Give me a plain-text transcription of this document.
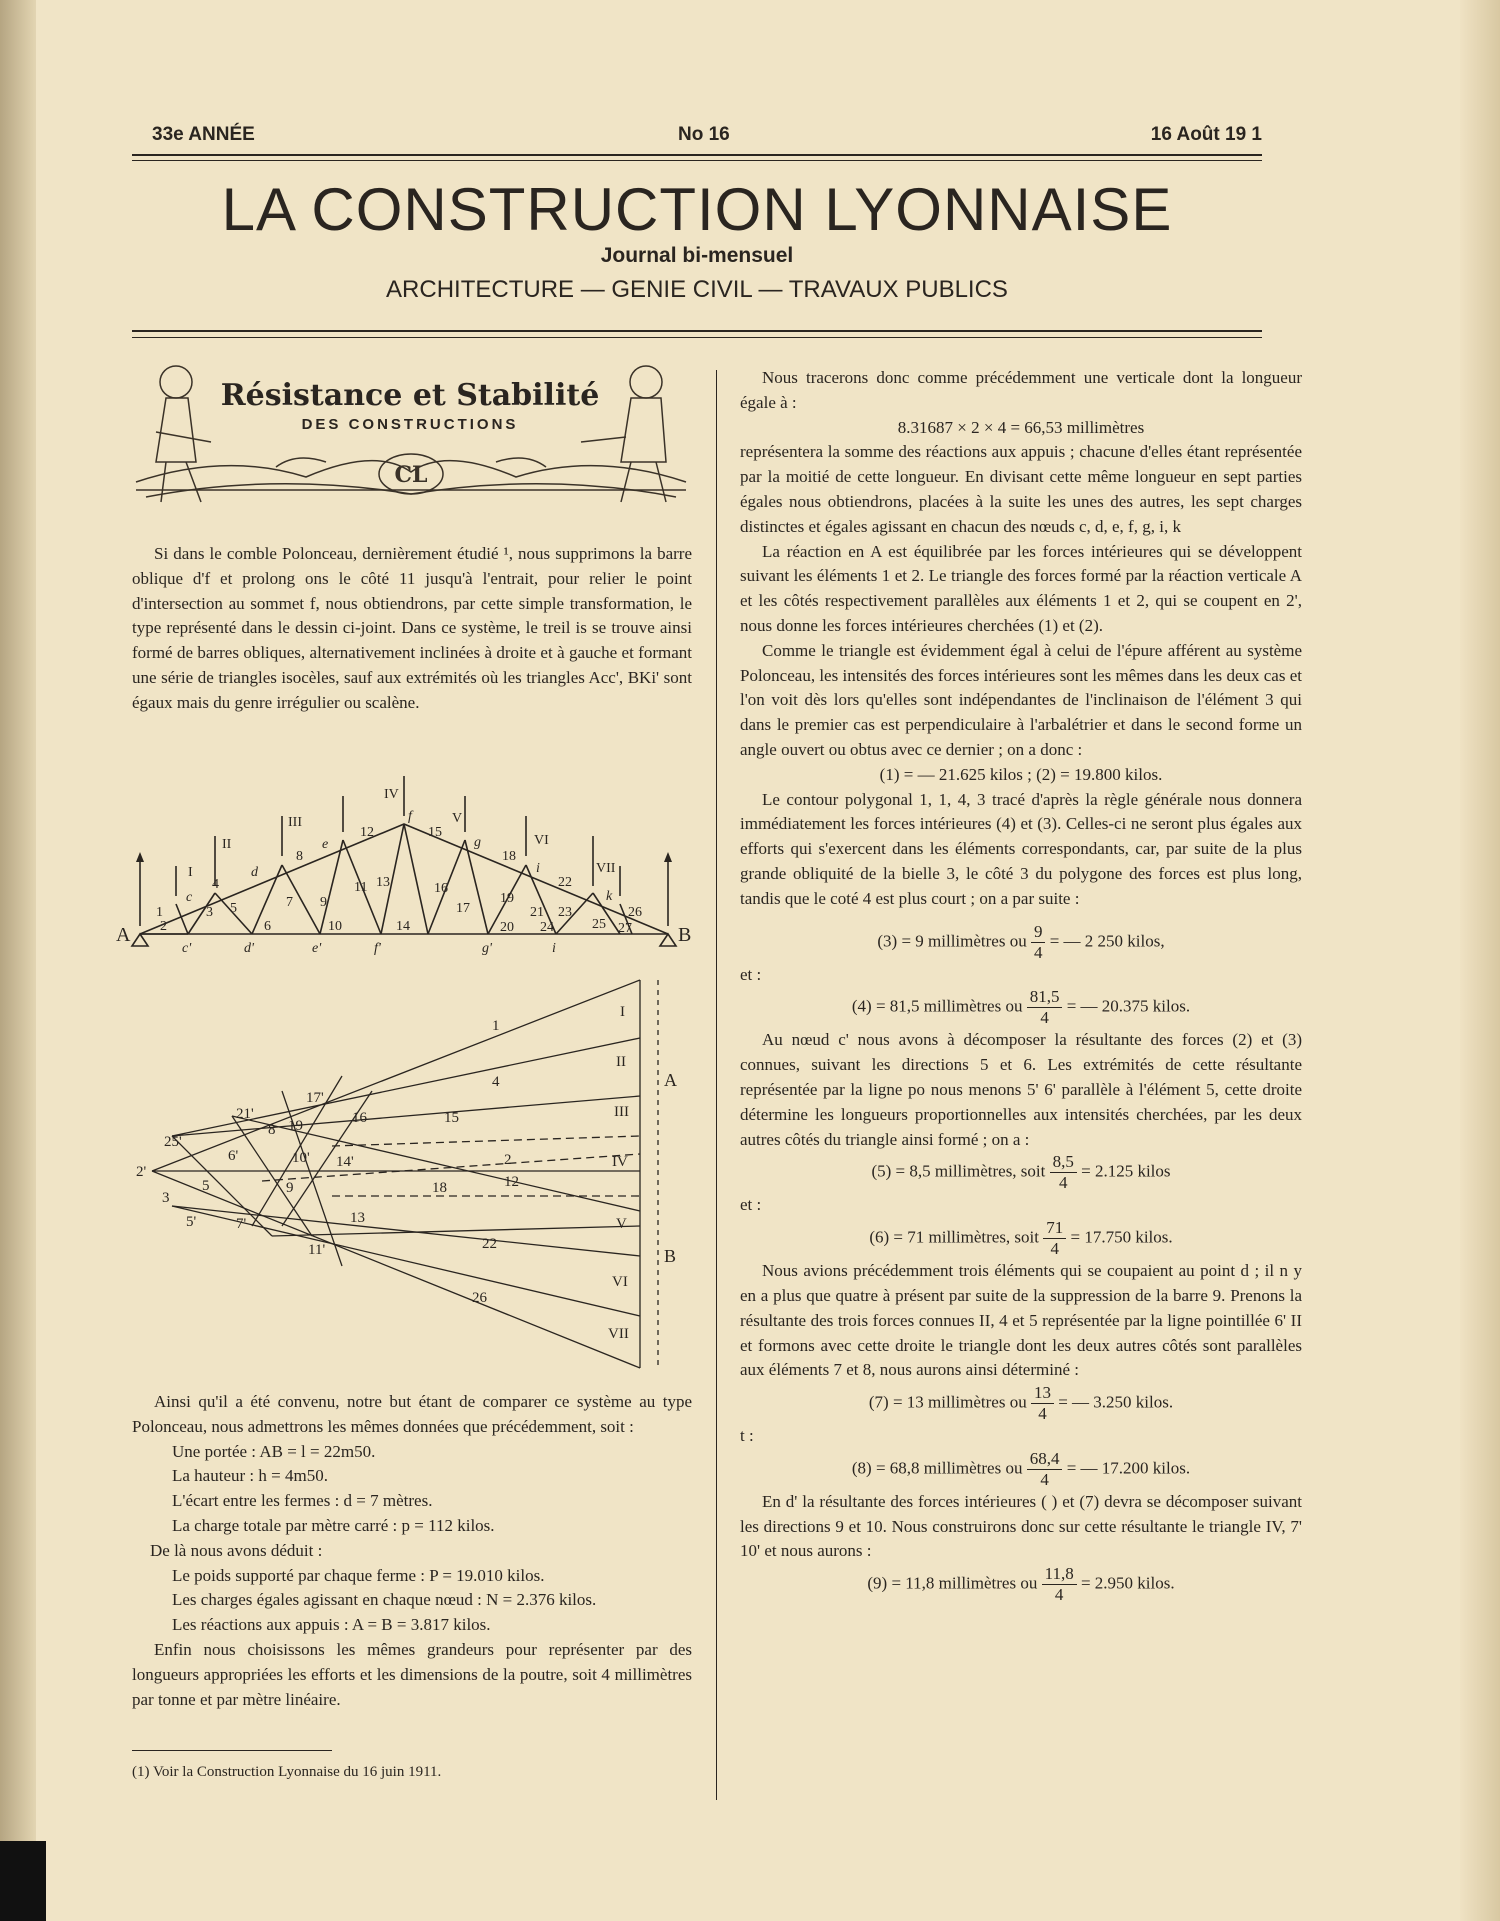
33e ANNÉE	No 16	16 Août 19 1
LA CONSTRUCTION LYONNAISE
Journal bi-mensuel
ARCHITECTURE — GENIE CIVIL — TRAVAUX PUBLICS
CL
Résistance et Stabilité
DES CONSTRUCTIONS

Si dans le comble Polonceau, dernièrement étudié ¹, nous supprimons la barre oblique d'f et prolong ons le côté 11 jusqu'à l'entrait, pour relier le point d'intersection au sommet f, nous obtiendrons, par cette simple transformation, le type représenté dans le dessin ci-joint. Dans ce système, le treil is se trouve ainsi formé de barres obliques, alternativement inclinées à droite et à gauche et formant une série de triangles isocèles, sauf aux extrémités où les triangles Acc', BKi' sont égaux mais du genre irrégulier ou scalène.

A	B
I
II
III
IV
V
VI
VII
c
d
e
f
g
i
k
c'	d'	e'	f'	g'	i
1
2
3
4
5
6
7
8
9
10
11
12
13
14
15
16
17
18
19
20
21
22
23
24	25
26
27
I
II
III
IV
V
VI
VII
A
B
1
4
2
5
6'	10'
9	18
15
12
16
17'
19
21'
25'
2'
3
5'	7'
11'
13
14'
22
26
8

Ainsi qu'il a été convenu, notre but étant de comparer ce système au type Polonceau, nous admettrons les mêmes données que précédemment, soit :

Une portée : AB = l = 22m50.

La hauteur : h = 4m50.

L'écart entre les fermes : d = 7 mètres.

La charge totale par mètre carré : p = 112 kilos.

De là nous avons déduit :

Le poids supporté par chaque ferme : P = 19.010 kilos.

Les charges égales agissant en chaque nœud : N = 2.376 kilos.

Les réactions aux appuis : A = B = 3.817 kilos.

Enfin nous choisissons les mêmes grandeurs pour représenter par des longueurs appropriées les efforts et les dimensions de la poutre, soit 4 millimètres par tonne et par mètre linéaire.

(1) Voir la Construction Lyonnaise du 16 juin 1911.

Nous tracerons donc comme précédemment une verticale dont la longueur égale à :

8.31687 × 2 × 4 = 66,53 millimètres

représentera la somme des réactions aux appuis ; chacune d'elles étant représentée par la moitié de cette longueur. En divisant cette même longueur en sept parties égales nous obtiendrons, placées à la suite les unes des autres, les sept charges distinctes et égales agissant en chacun des nœuds c, d, e, f, g, i, k

La réaction en A est équilibrée par les forces intérieures qui se développent suivant les éléments 1 et 2. Le triangle des forces formé par la réaction verticale A et les côtés respectivement parallèles aux éléments 1 et 2, qui se coupent en 2', nous donne les forces intérieures cherchées (1) et (2).

Comme le triangle est évidemment égal à celui de l'épure afférent au système Polonceau, les intensités des forces intérieures sont les mêmes dans les deux cas et l'on voit dès lors qu'elles sont indépendantes de l'inclinaison de l'élément 3 qui dans le premier cas est perpendiculaire à l'arbalétrier et dans le second forme un angle ouvert ou obtus avec ce dernier ; on a donc :

(1) = — 21.625 kilos ; (2) = 19.800 kilos.

Le contour polygonal 1, 1, 4, 3 tracé d'après la règle générale nous donnera immédiatement les forces intérieures (4) et (3). Celles-ci ne seront plus égales aux efforts qui s'exercent dans les éléments correspondants, car, par suite de la plus grande obliquité de la bielle 3, le côté 3 du polygone des forces est plus long, tandis que le coté 4 est plus court ; on a par suite :

(3) = 9 millimètres ou $\frac{9}{4}$ = — 2 250 kilos,

et :

(4) = 81,5 millimètres ou $\frac{81,5}{4}$ = — 20.375 kilos.

Au nœud c' nous avons à décomposer la résultante des forces (2) et (3) connues, suivant les directions 5 et 6. Les extrémités de cette résultante représentée par la ligne po nous menons 5' 6' parallèle à l'élément 5, cette droite détermine les longueurs proportionnelles aux intensités cherchées, par les deux autres côtés du triangle ainsi formé ; on a :

(5) = 8,5 millimètres, soit $\frac{8,5}{4} = 2.125$ kilos

et :

(6) = 71 millimètres, soit $\frac{71}{4} = 17.750$ kilos.

Nous avions précédemment trois éléments qui se coupaient au point d ; il n y en a plus que quatre à présent par suite de la suppression de la barre 9. Prenons la résultante des trois forces connues II, 4 et 5 représentée par la ligne pointillée 6' II et formons avec cette droite le triangle dont les deux autres côtés sont parallèles aux éléments 7 et 8, nous aurons ainsi déterminé :

(7) = 13 millimètres ou $\frac{13}{4}$ = — 3.250 kilos.

t :

(8) = 68,8 millimètres ou $\frac{68,4}{4}$ = — 17.200 kilos.

En d' la résultante des forces intérieures ( ) et (7) devra se décomposer suivant les directions 9 et 10. Nous construirons donc sur cette résultante le triangle IV, 7' 10' et nous aurons :

(9) = 11,8 millimètres ou $\frac{11,8}{4} = 2.950$ kilos.
